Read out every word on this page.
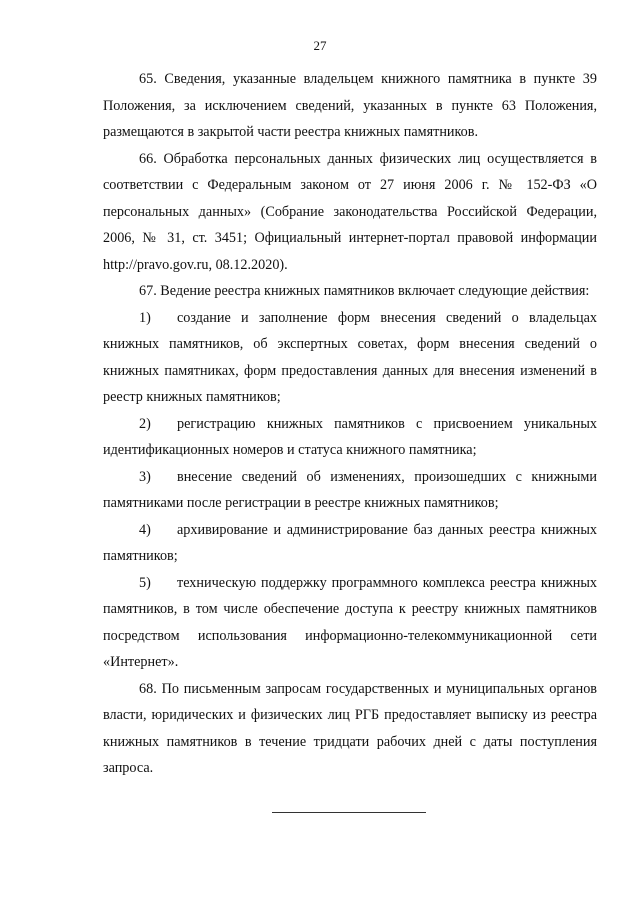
27

65. Сведения, указанные владельцем книжного памятника в пункте 39 Положения, за исключением сведений, указанных в пункте 63 Положения, размещаются в закрытой части реестра книжных памятников.

66. Обработка персональных данных физических лиц осуществляется в соответствии с Федеральным законом от 27 июня 2006 г. № 152-ФЗ «О персональных данных» (Собрание законодательства Российской Федерации, 2006, № 31, ст. 3451; Официальный интернет-портал правовой информации http://pravo.gov.ru, 08.12.2020).

67. Ведение реестра книжных памятников включает следующие действия:

1) создание и заполнение форм внесения сведений о владельцах книжных памятников, об экспертных советах, форм внесения сведений о книжных памятниках, форм предоставления данных для внесения изменений в реестр книжных памятников;

2) регистрацию книжных памятников с присвоением уникальных идентификационных номеров и статуса книжного памятника;

3) внесение сведений об изменениях, произошедших с книжными памятниками после регистрации в реестре книжных памятников;

4) архивирование и администрирование баз данных реестра книжных памятников;

5) техническую поддержку программного комплекса реестра книжных памятников, в том числе обеспечение доступа к реестру книжных памятников посредством использования информационно-телекоммуникационной сети «Интернет».

68. По письменным запросам государственных и муниципальных органов власти, юридических и физических лиц РГБ предоставляет выписку из реестра книжных памятников в течение тридцати рабочих дней с даты поступления запроса.
